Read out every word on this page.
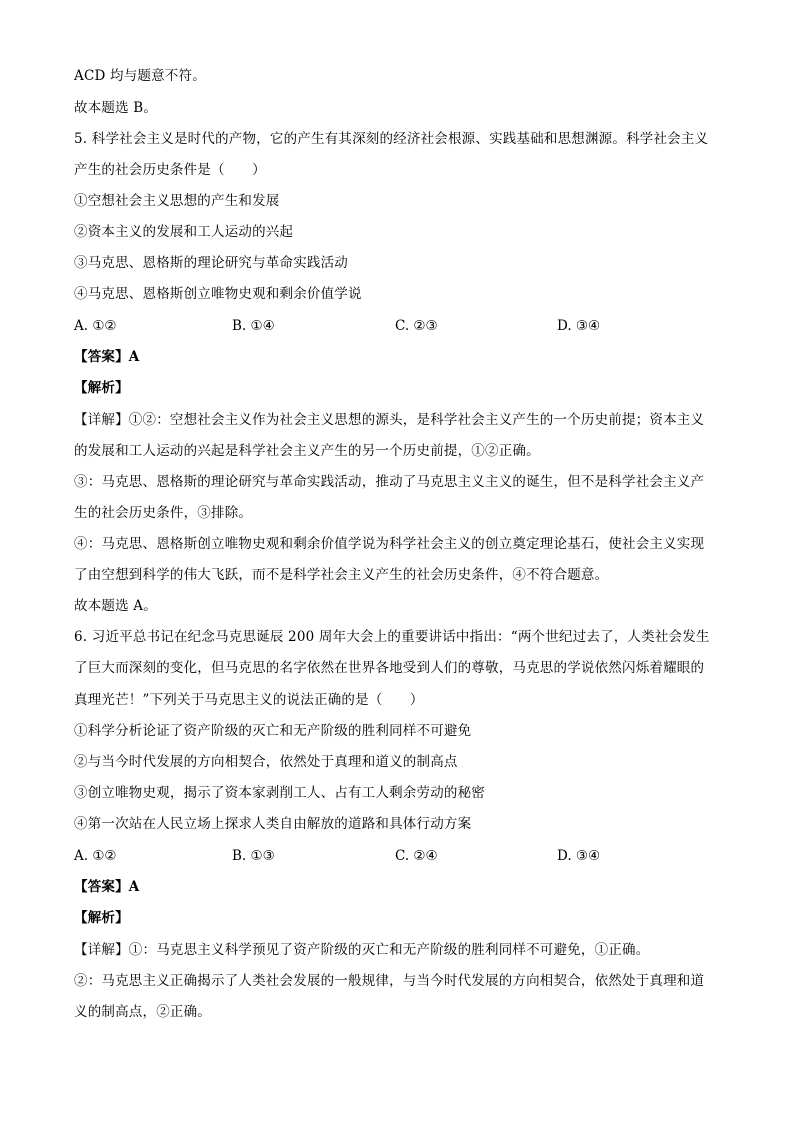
ACD 均与题意不符。
故本题选 B。
5. 科学社会主义是时代的产物，它的产生有其深刻的经济社会根源、实践基础和思想渊源。科学社会主义
产生的社会历史条件是（　　）
①空想社会主义思想的产生和发展
②资本主义的发展和工人运动的兴起
③马克思、恩格斯的理论研究与革命实践活动
④马克思、恩格斯创立唯物史观和剩余价值学说
A. ①②	B. ①④	C. ②③	D. ③④
【答案】A
【解析】
【详解】①②：空想社会主义作为社会主义思想的源头，是科学社会主义产生的一个历史前提；资本主义
的发展和工人运动的兴起是科学社会主义产生的另一个历史前提，①②正确。
③：马克思、恩格斯的理论研究与革命实践活动，推动了马克思主义主义的诞生，但不是科学社会主义产
生的社会历史条件，③排除。
④：马克思、恩格斯创立唯物史观和剩余价值学说为科学社会主义的创立奠定理论基石，使社会主义实现
了由空想到科学的伟大飞跃，而不是科学社会主义产生的社会历史条件，④不符合题意。
故本题选 A。
6. 习近平总书记在纪念马克思诞辰 200 周年大会上的重要讲话中指出：“两个世纪过去了，人类社会发生
了巨大而深刻的变化，但马克思的名字依然在世界各地受到人们的尊敬，马克思的学说依然闪烁着耀眼的
真理光芒！”下列关于马克思主义的说法正确的是（　　）
①科学分析论证了资产阶级的灭亡和无产阶级的胜利同样不可避免
②与当今时代发展的方向相契合，依然处于真理和道义的制高点
③创立唯物史观，揭示了资本家剥削工人、占有工人剩余劳动的秘密
④第一次站在人民立场上探求人类自由解放的道路和具体行动方案
A. ①②	B. ①③	C. ②④	D. ③④
【答案】A
【解析】
【详解】①：马克思主义科学预见了资产阶级的灭亡和无产阶级的胜利同样不可避免，①正确。
②：马克思主义正确揭示了人类社会发展的一般规律，与当今时代发展的方向相契合，依然处于真理和道
义的制高点，②正确。
